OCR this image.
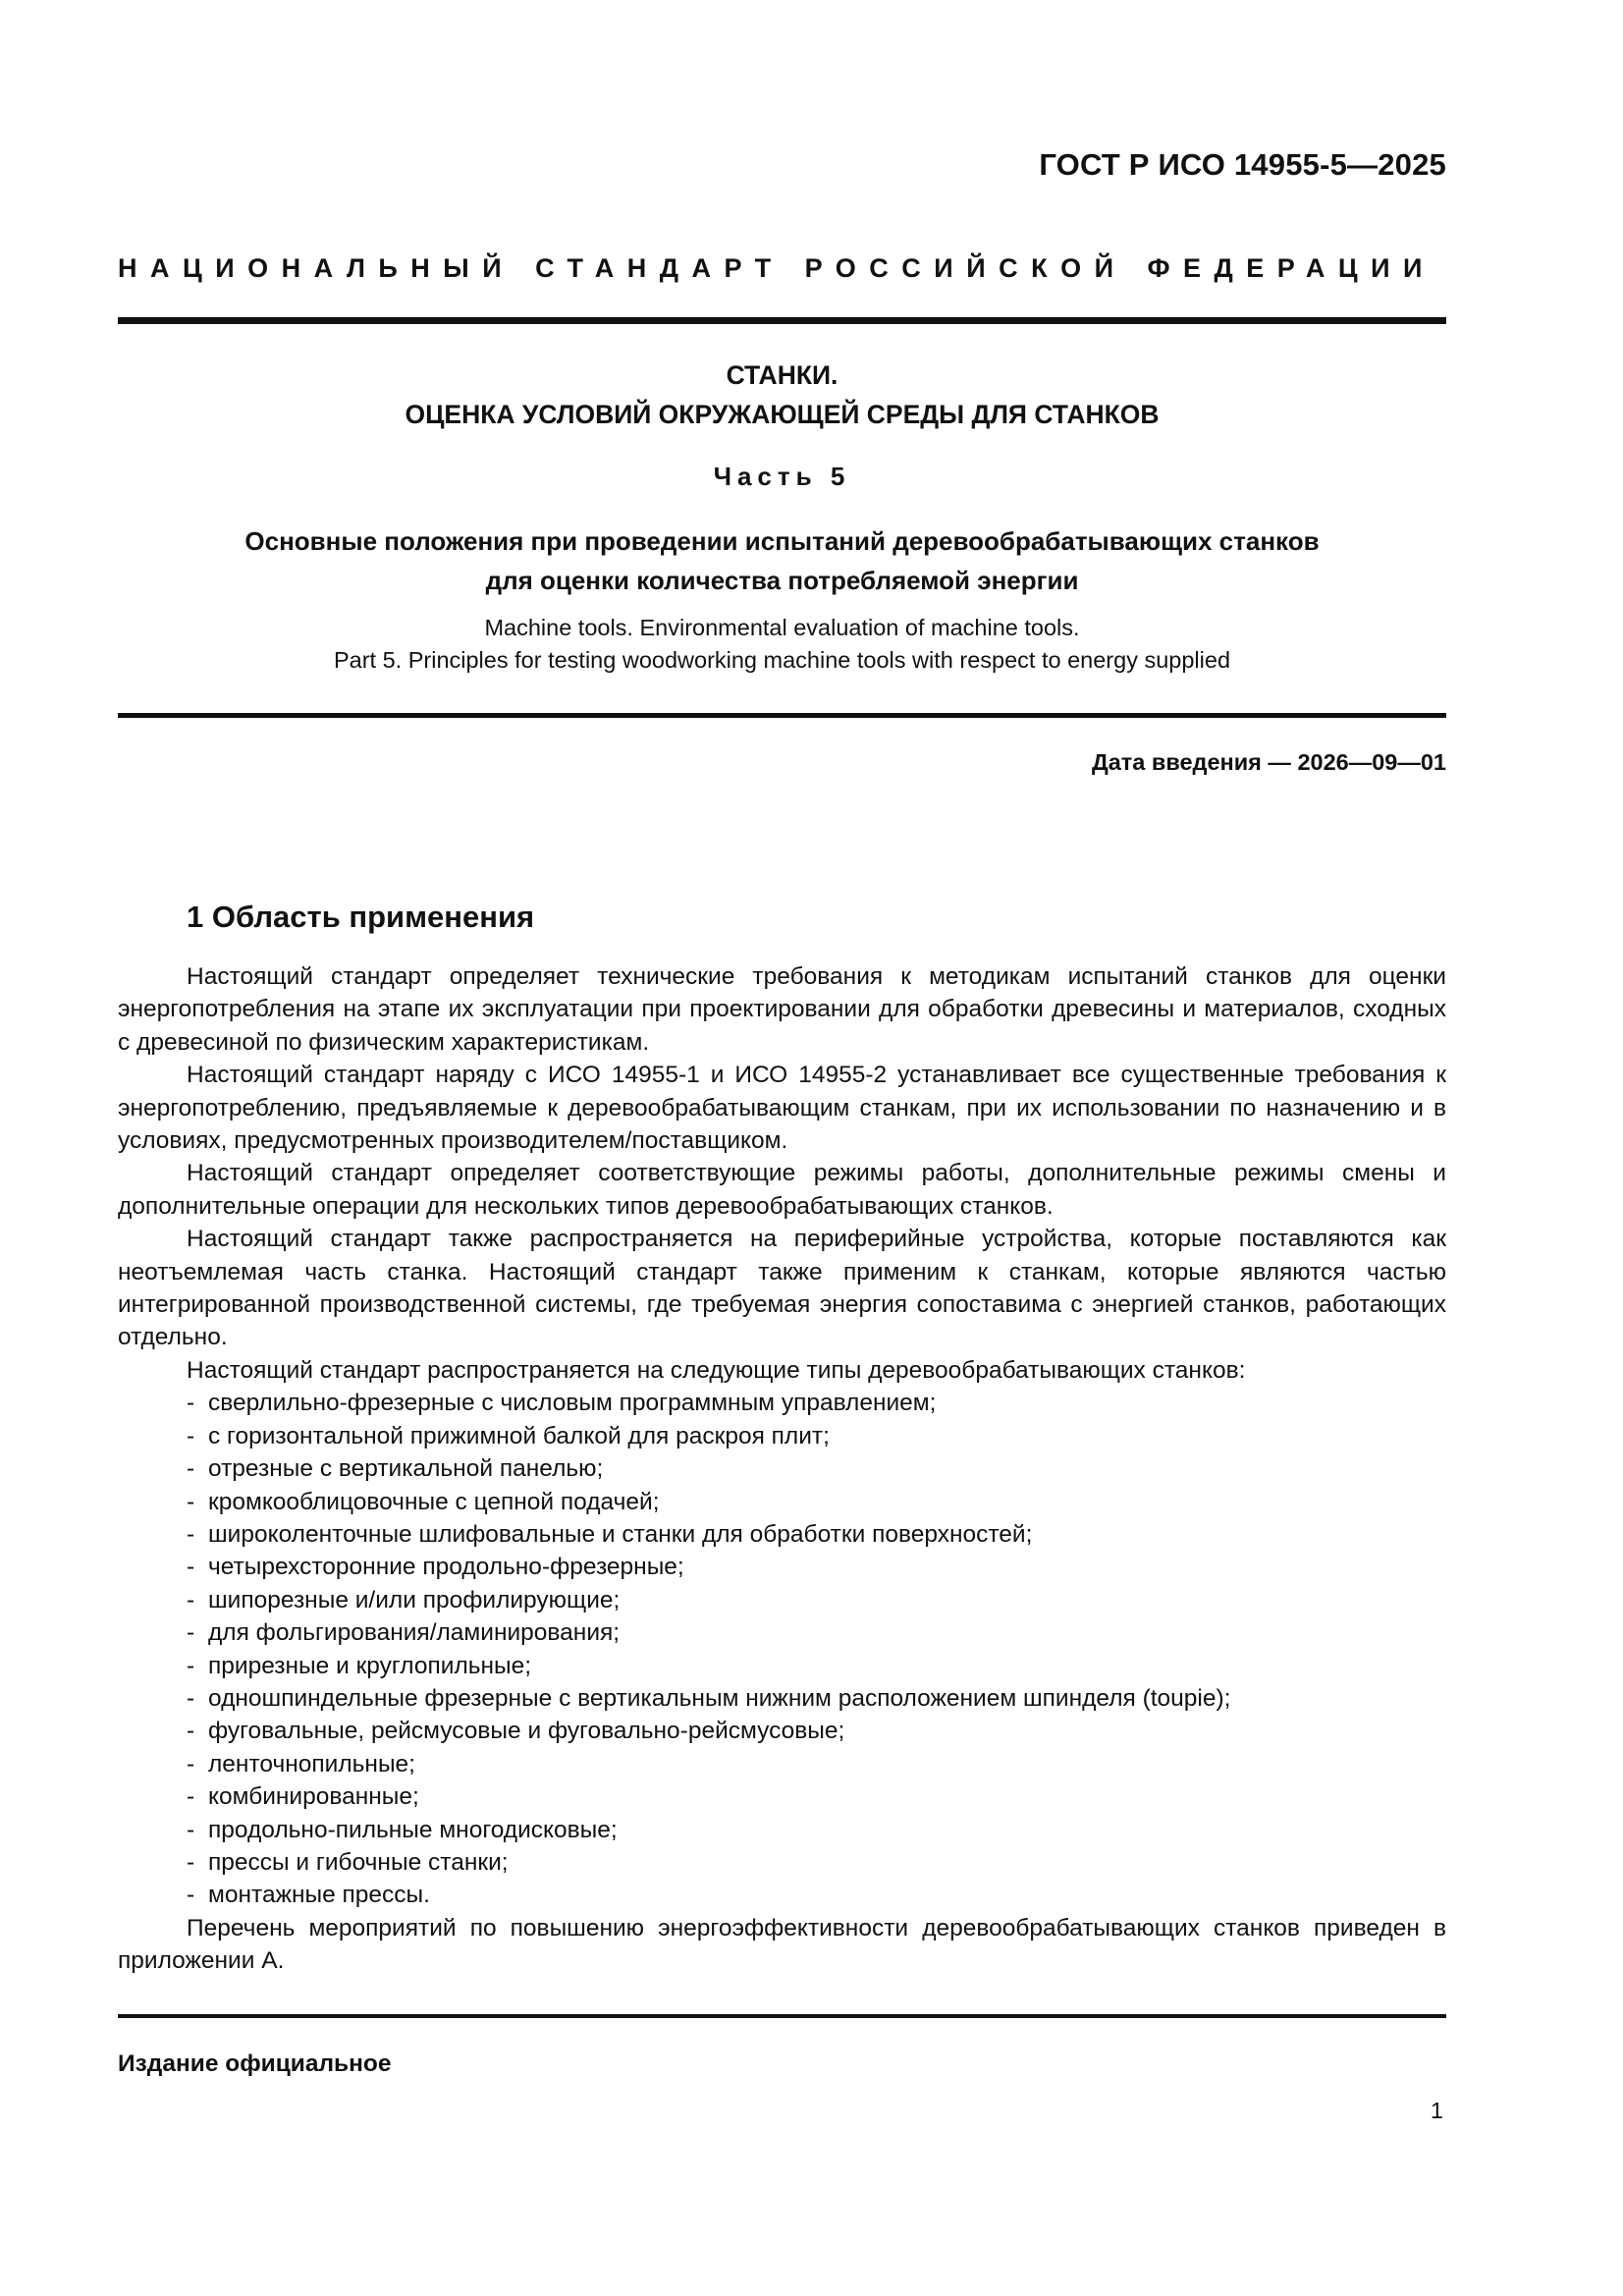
ГОСТ Р ИСО 14955-5—2025
НАЦИОНАЛЬНЫЙ СТАНДАРТ РОССИЙСКОЙ ФЕДЕРАЦИИ
СТАНКИ.
ОЦЕНКА УСЛОВИЙ ОКРУЖАЮЩЕЙ СРЕДЫ ДЛЯ СТАНКОВ
Часть 5
Основные положения при проведении испытаний деревообрабатывающих станков
для оценки количества потребляемой энергии
Machine tools. Environmental evaluation of machine tools.
Part 5. Principles for testing woodworking machine tools with respect to energy supplied
Дата введения — 2026—09—01
1 Область применения

Настоящий стандарт определяет технические требования к методикам испытаний станков для оценки энергопотребления на этапе их эксплуатации при проектировании для обработки древесины и материалов, сходных с древесиной по физическим характеристикам.

Настоящий стандарт наряду с ИСО 14955-1 и ИСО 14955-2 устанавливает все существенные требования к энергопотреблению, предъявляемые к деревообрабатывающим станкам, при их использовании по назначению и в условиях, предусмотренных производителем/поставщиком.

Настоящий стандарт определяет соответствующие режимы работы, дополнительные режимы смены и дополнительные операции для нескольких типов деревообрабатывающих станков.

Настоящий стандарт также распространяется на периферийные устройства, которые поставляются как неотъемлемая часть станка. Настоящий стандарт также применим к станкам, которые являются частью интегрированной производственной системы, где требуемая энергия сопоставима с энергией станков, работающих отдельно.

Настоящий стандарт распространяется на следующие типы деревообрабатывающих станков:

- сверлильно-фрезерные с числовым программным управлением;
- с горизонтальной прижимной балкой для раскроя плит;
- отрезные с вертикальной панелью;
- кромкооблицовочные с цепной подачей;
- широколенточные шлифовальные и станки для обработки поверхностей;
- четырехсторонние продольно-фрезерные;
- шипорезные и/или профилирующие;
- для фольгирования/ламинирования;
- прирезные и круглопильные;
- одношпиндельные фрезерные с вертикальным нижним расположением шпинделя (toupie);
- фуговальные, рейсмусовые и фуговально-рейсмусовые;
- ленточнопильные;
- комбинированные;
- продольно-пильные многодисковые;
- прессы и гибочные станки;
- монтажные прессы.

Перечень мероприятий по повышению энергоэффективности деревообрабатывающих станков приведен в приложении А.

Издание официальное
1
